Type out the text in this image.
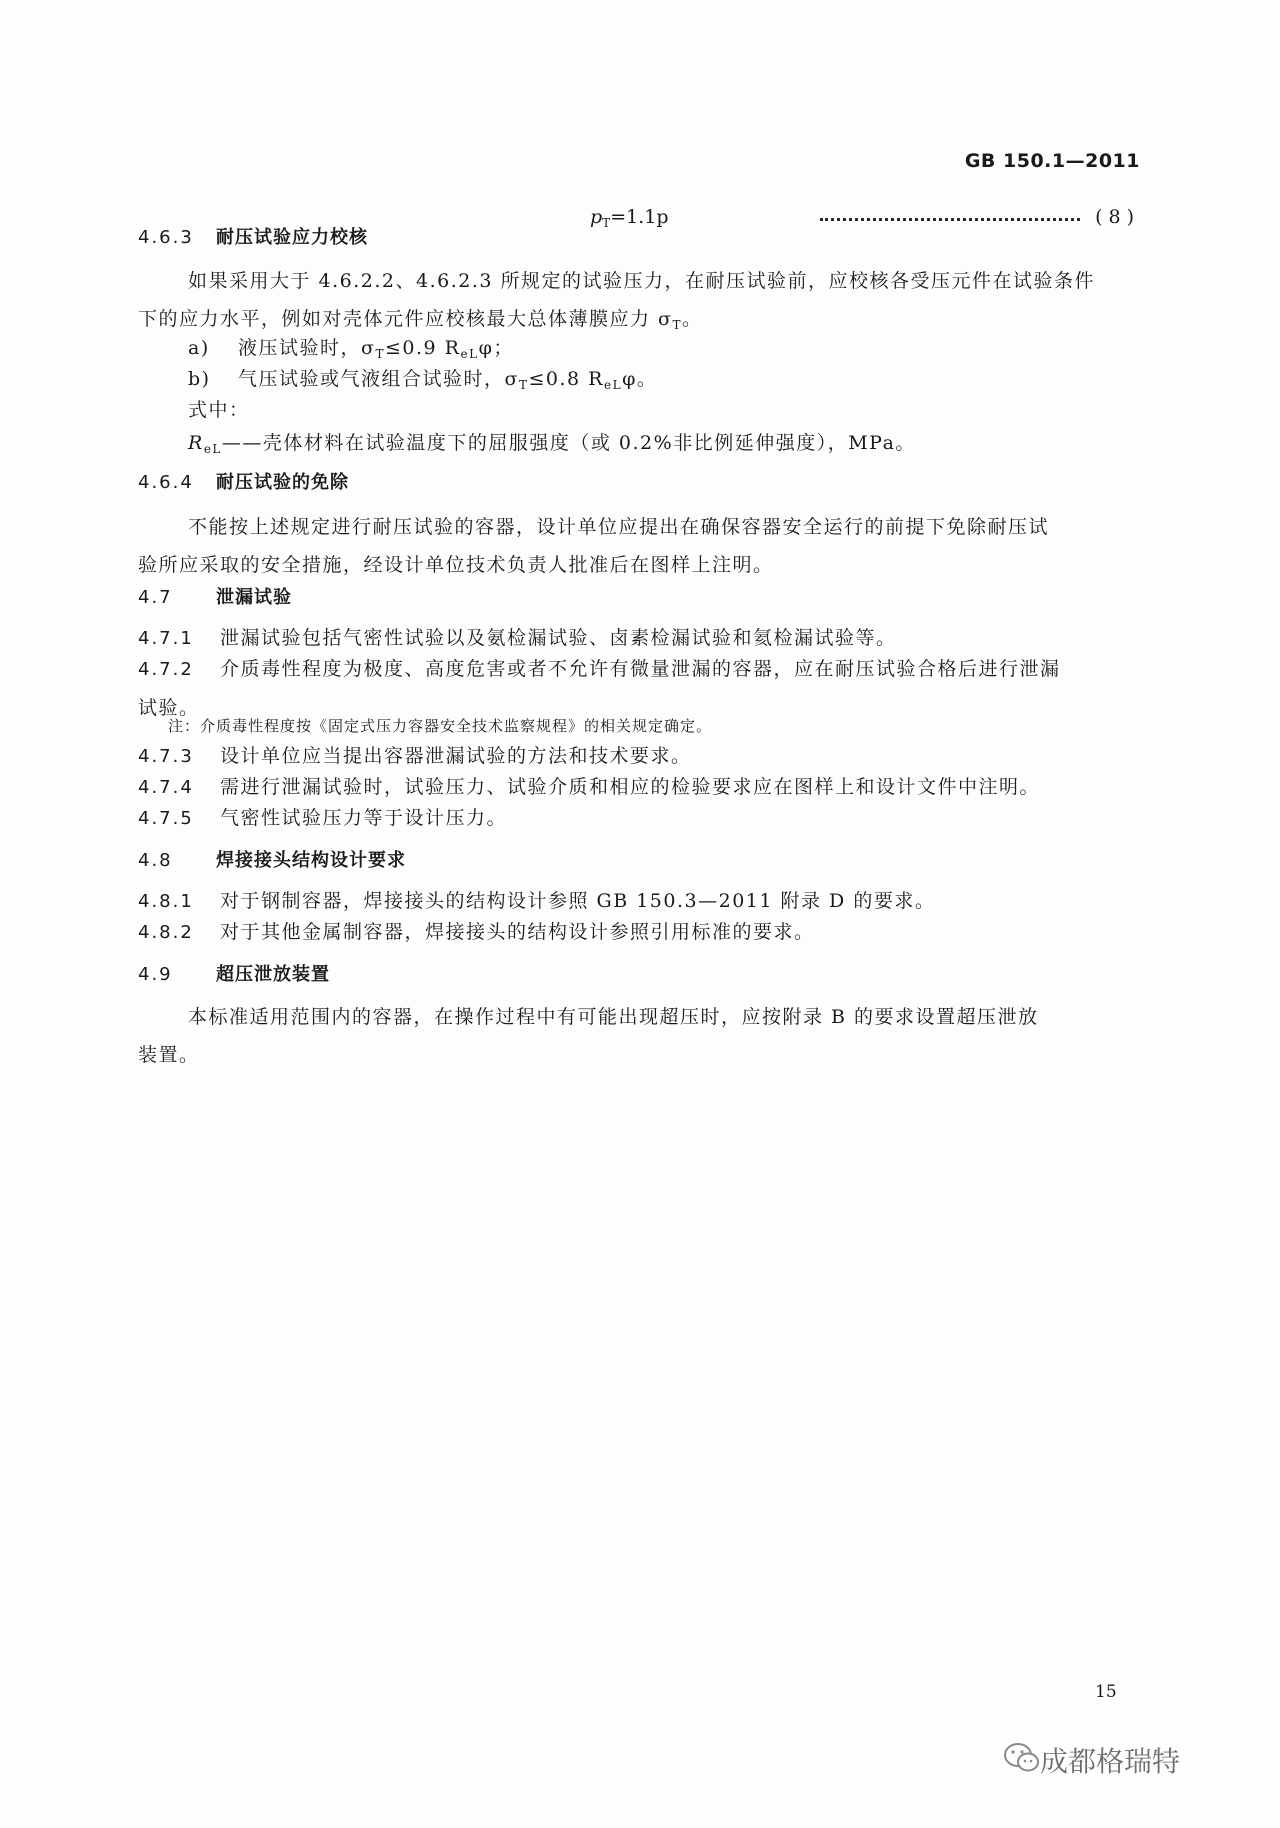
GB 150.1—2011
$p_T=1.1p$	(8)
4.6.3 耐压试验应力校核
如果采用大于 4.6.2.2、4.6.2.3 所规定的试验压力，在耐压试验前，应校核各受压元件在试验条件
下的应力水平，例如对壳体元件应校核最大总体薄膜应力 $\sigma_T$。
a) 液压试验时，$\sigma_T\le 0.9$ $R_{eL}\varphi$；
b) 气压试验或气液组合试验时，$\sigma_T\le 0.8$ $R_{eL}\varphi$。
式中：
$R_{eL}——$壳体材料在试验温度下的屈服强度（或 0.2%非比例延伸强度），MPa。
4.6.4 耐压试验的免除
不能按上述规定进行耐压试验的容器，设计单位应提出在确保容器安全运行的前提下免除耐压试
验所应采取的安全措施，经设计单位技术负责人批准后在图样上注明。
4.7 泄漏试验
4.7.1 泄漏试验包括气密性试验以及氨检漏试验、卤素检漏试验和氦检漏试验等。
4.7.2 介质毒性程度为极度、高度危害或者不允许有微量泄漏的容器，应在耐压试验合格后进行泄漏
试验。
注：介质毒性程度按《固定式压力容器安全技术监察规程》的相关规定确定。
4.7.3 设计单位应当提出容器泄漏试验的方法和技术要求。
4.7.4 需进行泄漏试验时，试验压力、试验介质和相应的检验要求应在图样上和设计文件中注明。
4.7.5 气密性试验压力等于设计压力。
4.8 焊接接头结构设计要求
4.8.1 对于钢制容器，焊接接头的结构设计参照 GB 150.3—2011 附录 D 的要求。
4.8.2 对于其他金属制容器，焊接接头的结构设计参照引用标准的要求。
4.9 超压泄放装置
本标准适用范围内的容器，在操作过程中有可能出现超压时，应按附录 B 的要求设置超压泄放
装置。
15
成都格瑞特
